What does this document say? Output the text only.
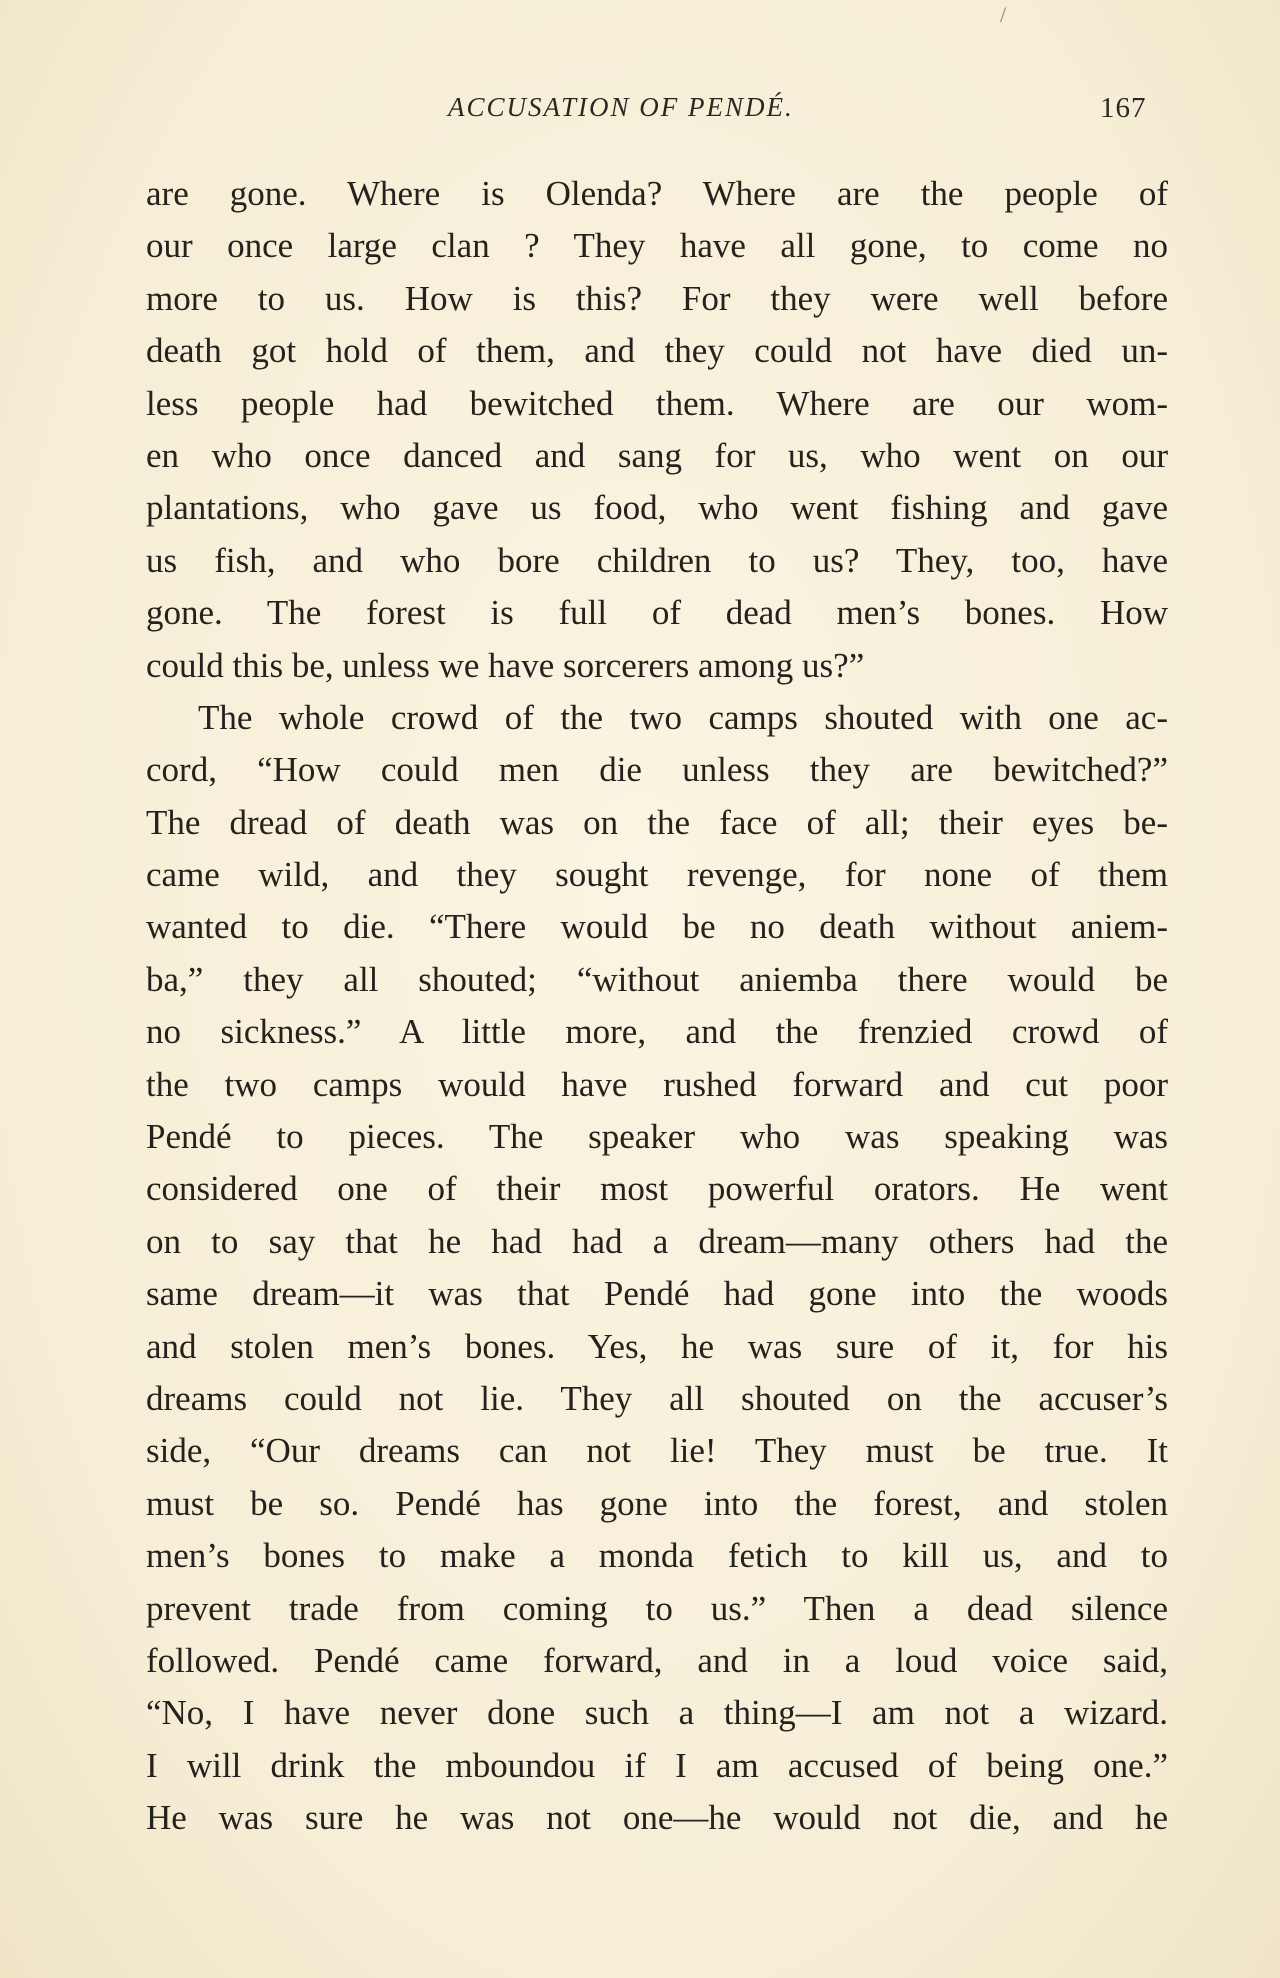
/
ACCUSATION OF PENDÉ.	167
are gone. Where is Olenda? Where are the people of
our once large clan ? They have all gone, to come no
more to us. How is this? For they were well before
death got hold of them, and they could not have died un-
less people had bewitched them. Where are our wom-
en who once danced and sang for us, who went on our
plantations, who gave us food, who went fishing and gave
us fish, and who bore children to us? They, too, have
gone. The forest is full of dead men’s bones. How
could this be, unless we have sorcerers among us?”
The whole crowd of the two camps shouted with one ac-
cord, “How could men die unless they are bewitched?”
The dread of death was on the face of all; their eyes be-
came wild, and they sought revenge, for none of them
wanted to die. “There would be no death without aniem-
ba,” they all shouted; “without aniemba there would be
no sickness.” A little more, and the frenzied crowd of
the two camps would have rushed forward and cut poor
Pendé to pieces. The speaker who was speaking was
considered one of their most powerful orators. He went
on to say that he had had a dream—many others had the
same dream—it was that Pendé had gone into the woods
and stolen men’s bones. Yes, he was sure of it, for his
dreams could not lie. They all shouted on the accuser’s
side, “Our dreams can not lie! They must be true. It
must be so. Pendé has gone into the forest, and stolen
men’s bones to make a monda fetich to kill us, and to
prevent trade from coming to us.” Then a dead silence
followed. Pendé came forward, and in a loud voice said,
“No, I have never done such a thing—I am not a wizard.
I will drink the mboundou if I am accused of being one.”
He was sure he was not one—he would not die, and he
